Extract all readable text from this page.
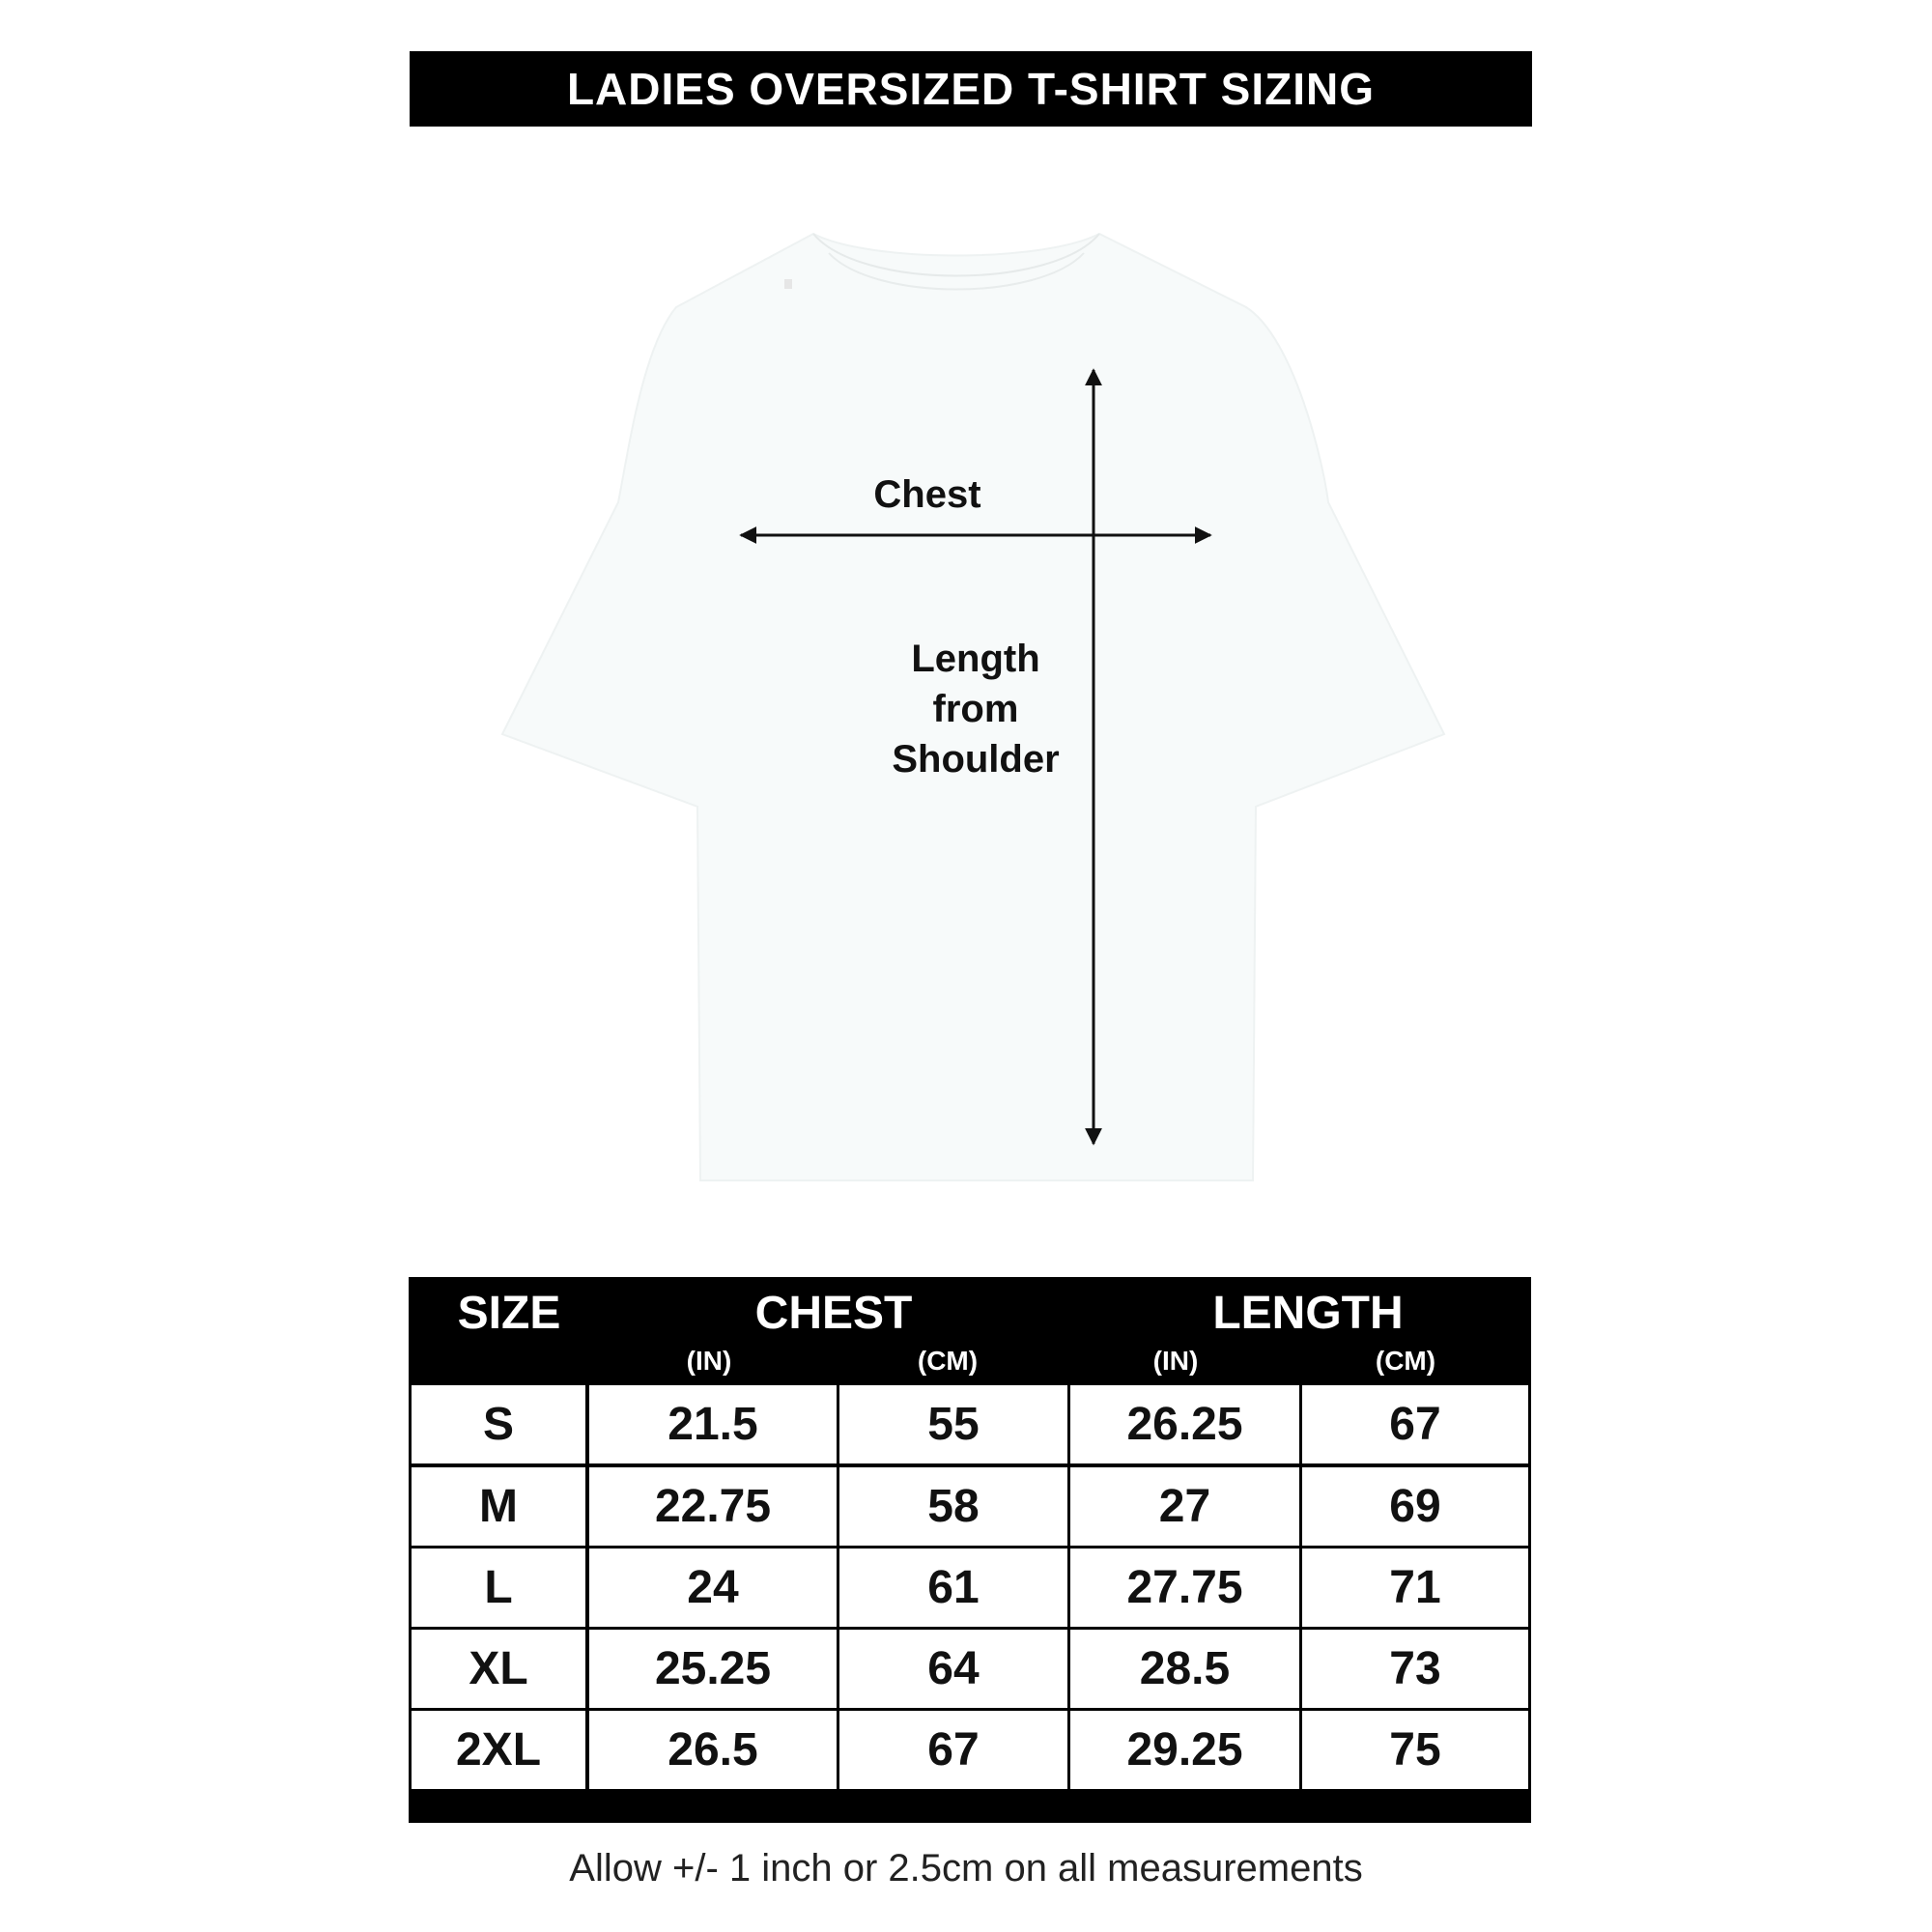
LADIES OVERSIZED T-SHIRT SIZING
Chest
Length
from
Shoulder
SIZE	CHEST	LENGTH
(IN)	(CM)	(IN)	(CM)
S	21.5	55	26.25	67
M	22.75	58	27	69
L	24	61	27.75	71
XL	25.25	64	28.5	73
2XL	26.5	67	29.25	75
Allow +/- 1 inch or 2.5cm on all measurements
